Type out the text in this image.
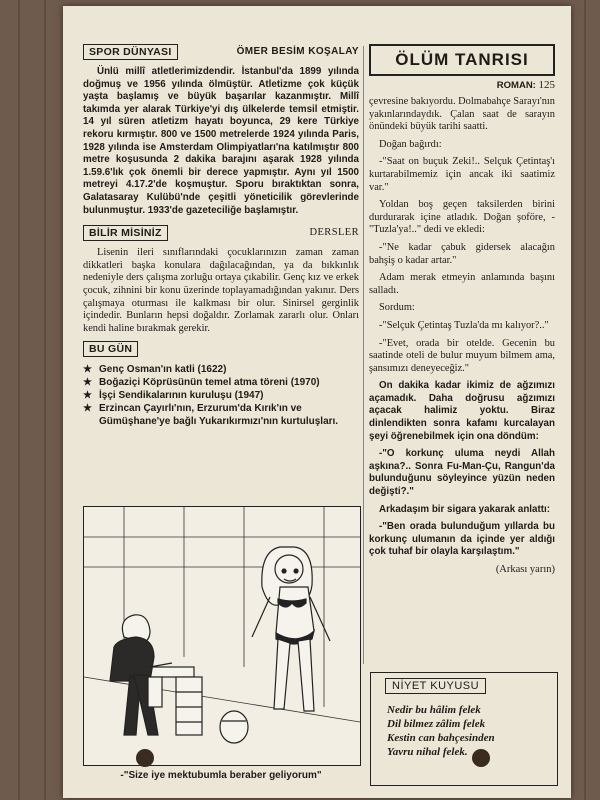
SPOR DÜNYASI	ÖMER BESİM KOŞALAY

Ünlü millî atletlerimizdendir. İstanbul'da 1899 yılında doğmuş ve 1956 yılında ölmüştür. Atletizme çok küçük yaşta başlamış ve büyük başarılar kazanmıştır. Millî takımda yer alarak Türkiye'yi dış ülkelerde temsil etmiştir. 14 yıl süren atletizm hayatı boyunca, 29 kere Türkiye rekoru kırmıştır. 800 ve 1500 metrelerde 1924 yılında Paris, 1928 yılında ise Amsterdam Olimpiyatları'na katılmıştır 800 metre koşusunda 2 dakika barajını aşarak 1928 yılında 1.59.6'lık çok önemli bir derece yapmıştır. Aynı yıl 1500 metreyi 4.17.2'de koşmuştur. Sporu bıraktıktan sonra, Galatasaray Kulübü'nde çeşitli yöneticilik görevlerinde bulunmuştur. 1933'de gazeteciliğe başlamıştır.

BİLİR MİSİNİZ	DERSLER

Lisenin ileri sınıflarındaki çocuklarınızın zaman zaman dikkatleri başka konulara dağılacağından, ya da bıkkınlık nedeniyle ders çalışma zorluğu ortaya çıkabilir. Genç kız ve erkek çocuk, zihnini bir konu üzerinde toplayamadığından yakınır. Ders çalışmaya oturması ile kalkması bir olur. Sinirsel gerginlik içindedir. Bunların hepsi doğaldır. Zorlamak zararlı olur. Onları kendi haline bırakmak gerekir.

BU GÜN
★ Genç Osman'ın katli (1622)
★ Boğaziçi Köprüsünün temel atma töreni (1970)
★ İşçi Sendikalarının kuruluşu (1947)
★ Erzincan Çayırlı'nın, Erzurum'da Kırık'ın ve Gümüşhane'ye bağlı Yukarıkırmızı'nın kurtuluşları.
-"Size iye mektubumla beraber geliyorum"
ÖLÜM TANRISI
ROMAN: 125

çevresine bakıyordu. Dolmabahçe Sarayı'nın yakınlarındaydık. Çalan saat de sarayın önündeki büyük tarihi saatti.

Doğan bağırdı:

-"Saat on buçuk Zeki!.. Selçuk Çetintaş'ı kurtarabilmemiz için ancak iki saatimiz var."

Yoldan boş geçen taksilerden birini durdurarak içine atladık. Doğan şoföre, -"Tuzla'ya!.." dedi ve ekledi:

-"Ne kadar çabuk gidersek alacağın bahşiş o kadar artar."

Adam merak etmeyin anlamında başını salladı.

Sordum:

-"Selçuk Çetintaş Tuzla'da mı kalıyor?.."

-"Evet, orada bir otelde. Gecenin bu saatinde oteli de bulur muyum bilmem ama, şansımızı deneyeceğiz."

On dakika kadar ikimiz de ağzımızı açamadık. Daha doğrusu ağzımızı açacak halimiz yoktu. Biraz dinlendikten sonra kafamı kurcalayan şeyi öğrenebilmek için ona döndüm:

-"O korkunç uluma neydi Allah aşkına?.. Sonra Fu-Man-Çu, Rangun'da bulunduğunu söyleyince yüzün neden değişti?."

Arkadaşım bir sigara yakarak anlattı:

-"Ben orada bulunduğum yıllarda bu korkunç ulumanın da içinde yer aldığı çok tuhaf bir olayla karşılaştım."

(Arkası yarın)
NİYET KUYUSU
Nedir bu hâlim felek
Dil bilmez zâlim felek
Kestin can bahçesinden
Yavru nihal felek.
